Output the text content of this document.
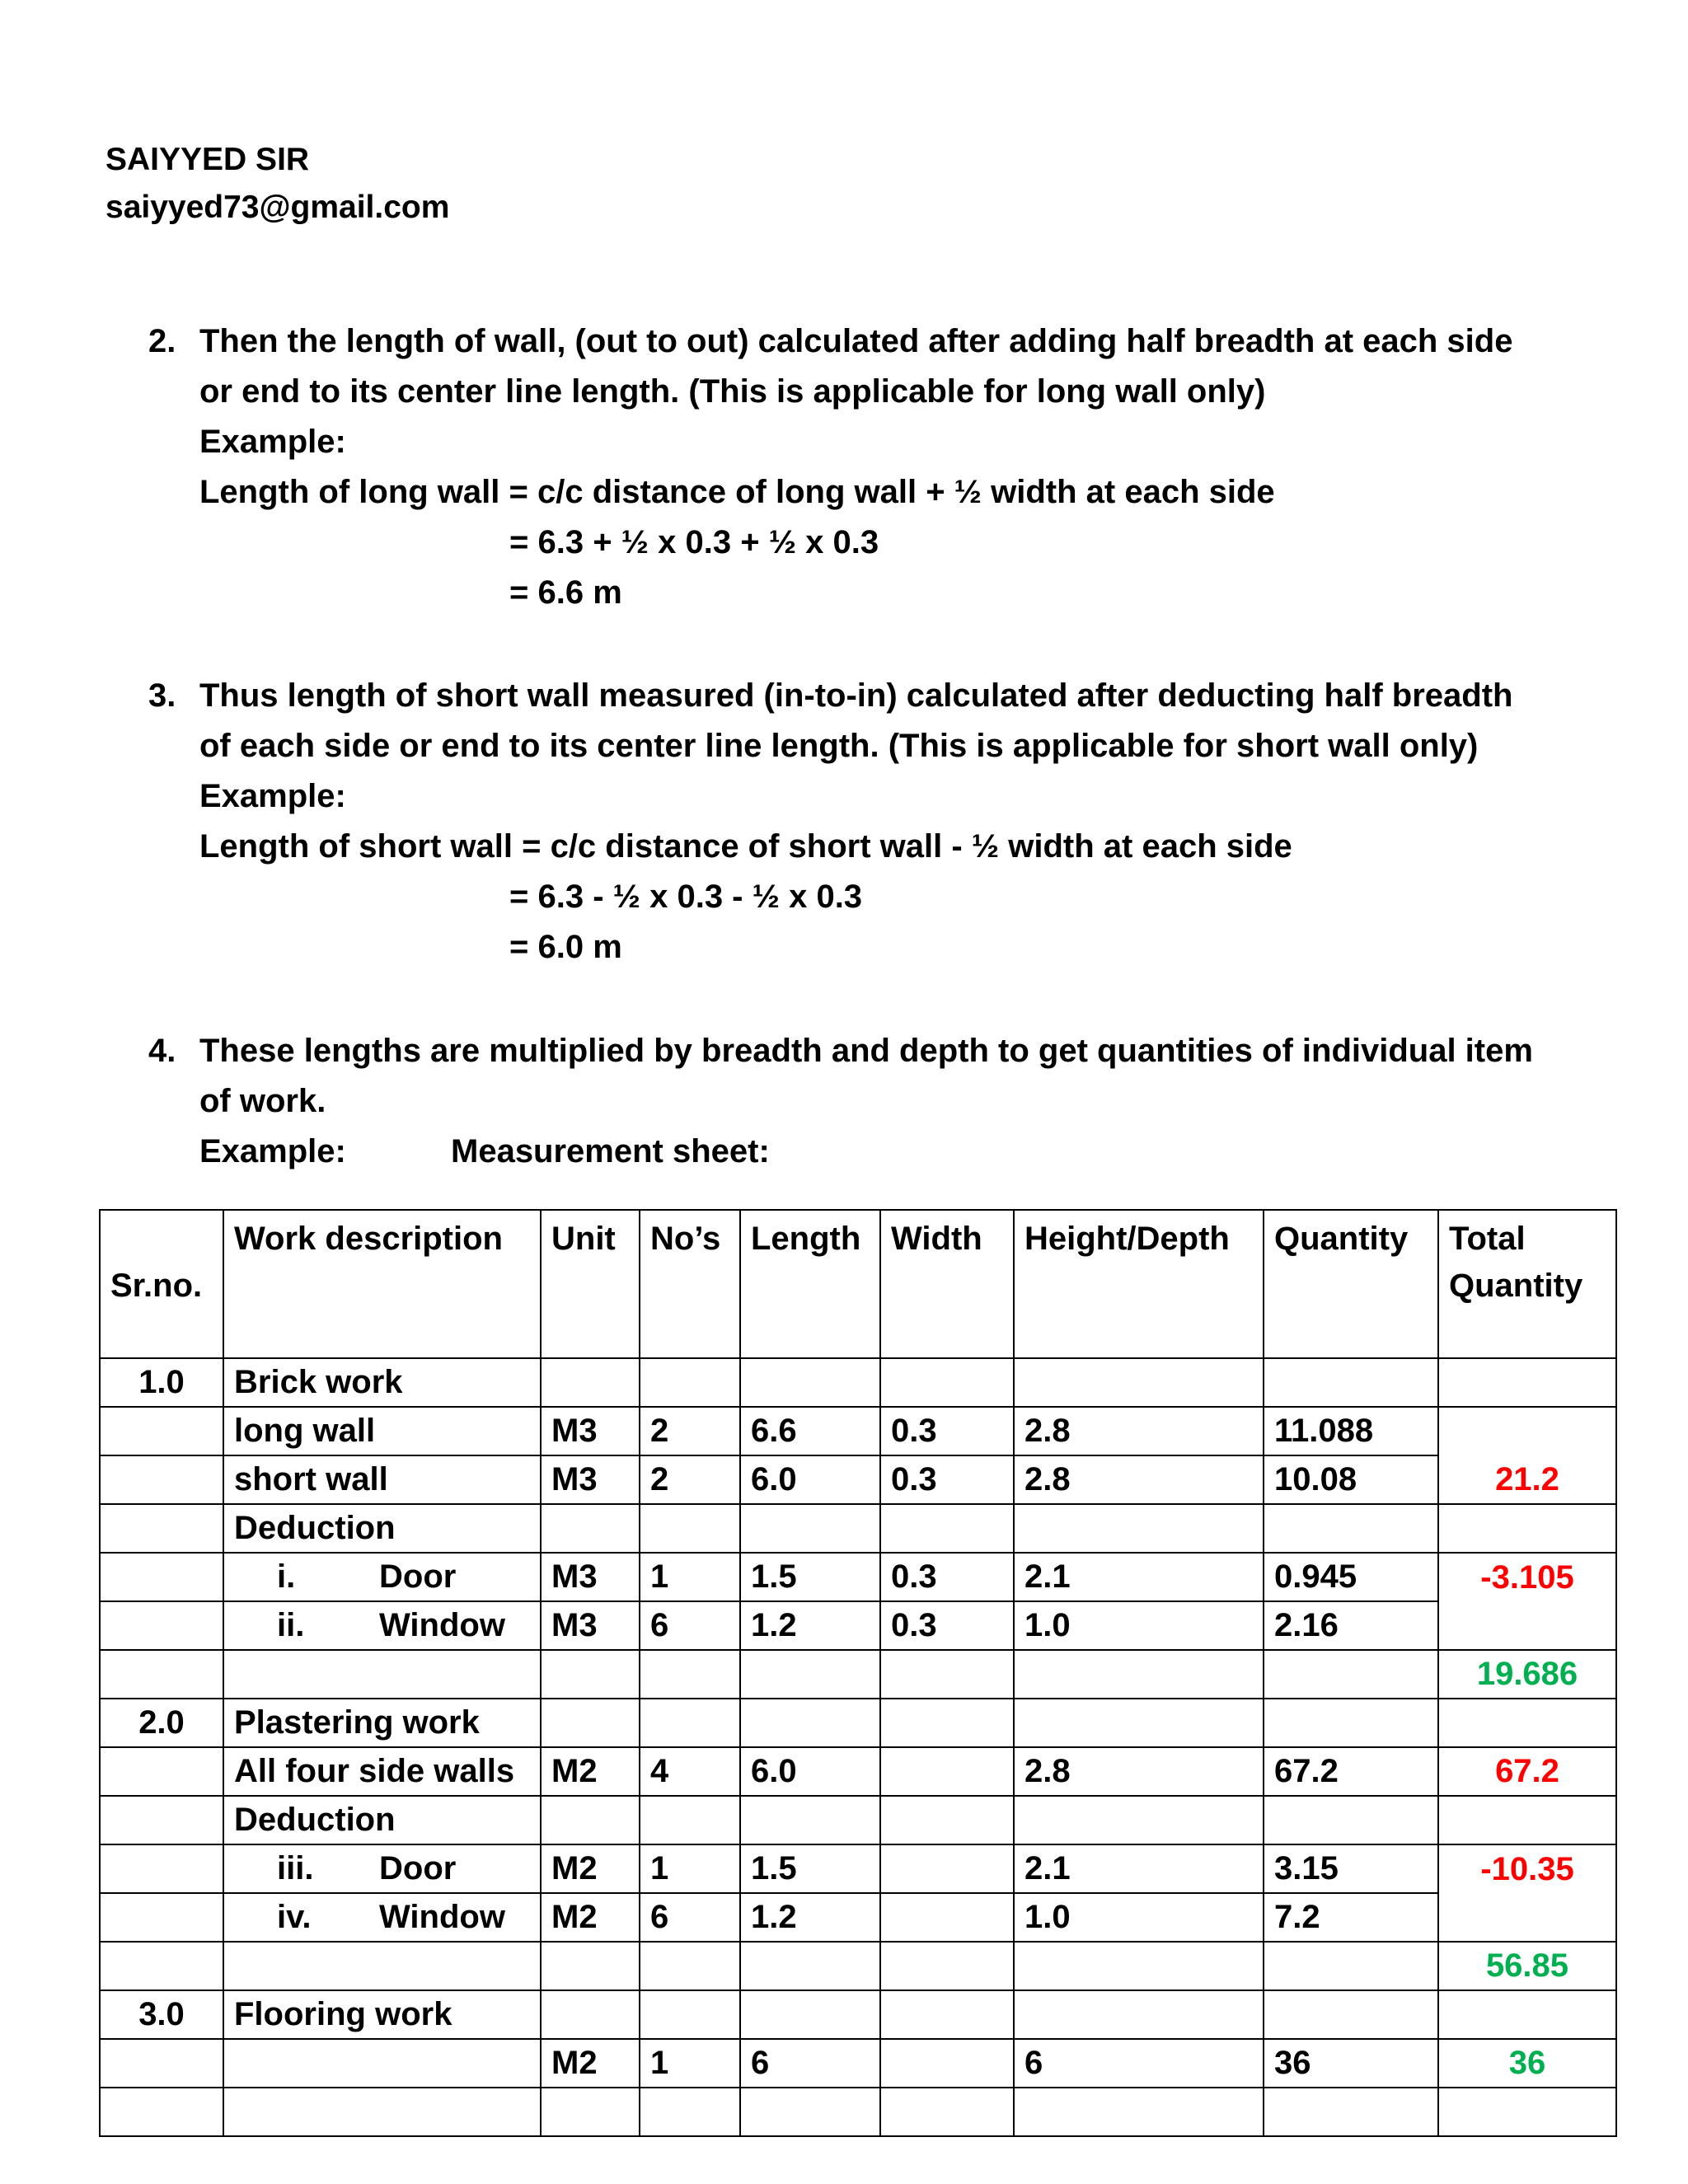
SAIYYED SIR
saiyyed73@gmail.com
2. Then the length of wall, (out to out) calculated after adding half breadth at each side
or end to its center line length. (This is applicable for long wall only)
Example:
Length of long wall = c/c distance of long wall + ½ width at each side
= 6.3 + ½ x 0.3 + ½ x 0.3
= 6.6 m
3. Thus length of short wall measured (in-to-in) calculated after deducting half breadth
of each side or end to its center line length. (This is applicable for short wall only)
Example:
Length of short wall = c/c distance of short wall - ½ width at each side
= 6.3 - ½ x 0.3 - ½ x 0.3
= 6.0 m
4. These lengths are multiplied by breadth and depth to get quantities of individual item
of work.
Example:	Measurement sheet:
Sr.no.	Work description	Unit	No’s	Length	Width	Height/Depth	Quantity	Total
Quantity
1.0	Brick work							
	long wall	M3	2	6.6	0.3	2.8	11.088	
	short wall	M3	2	6.0	0.3	2.8	10.08	21.2
	Deduction							
	i. Door	M3	1	1.5	0.3	2.1	0.945	-3.105
	ii. Window	M3	6	1.2	0.3	1.0	2.16	
								19.686
2.0	Plastering work							
	All four side walls	M2	4	6.0		2.8	67.2	67.2
	Deduction							
	iii. Door	M2	1	1.5		2.1	3.15	-10.35
	iv. Window	M2	6	1.2		1.0	7.2	
								56.85
3.0	Flooring work							
		M2	1	6		6	36	36
